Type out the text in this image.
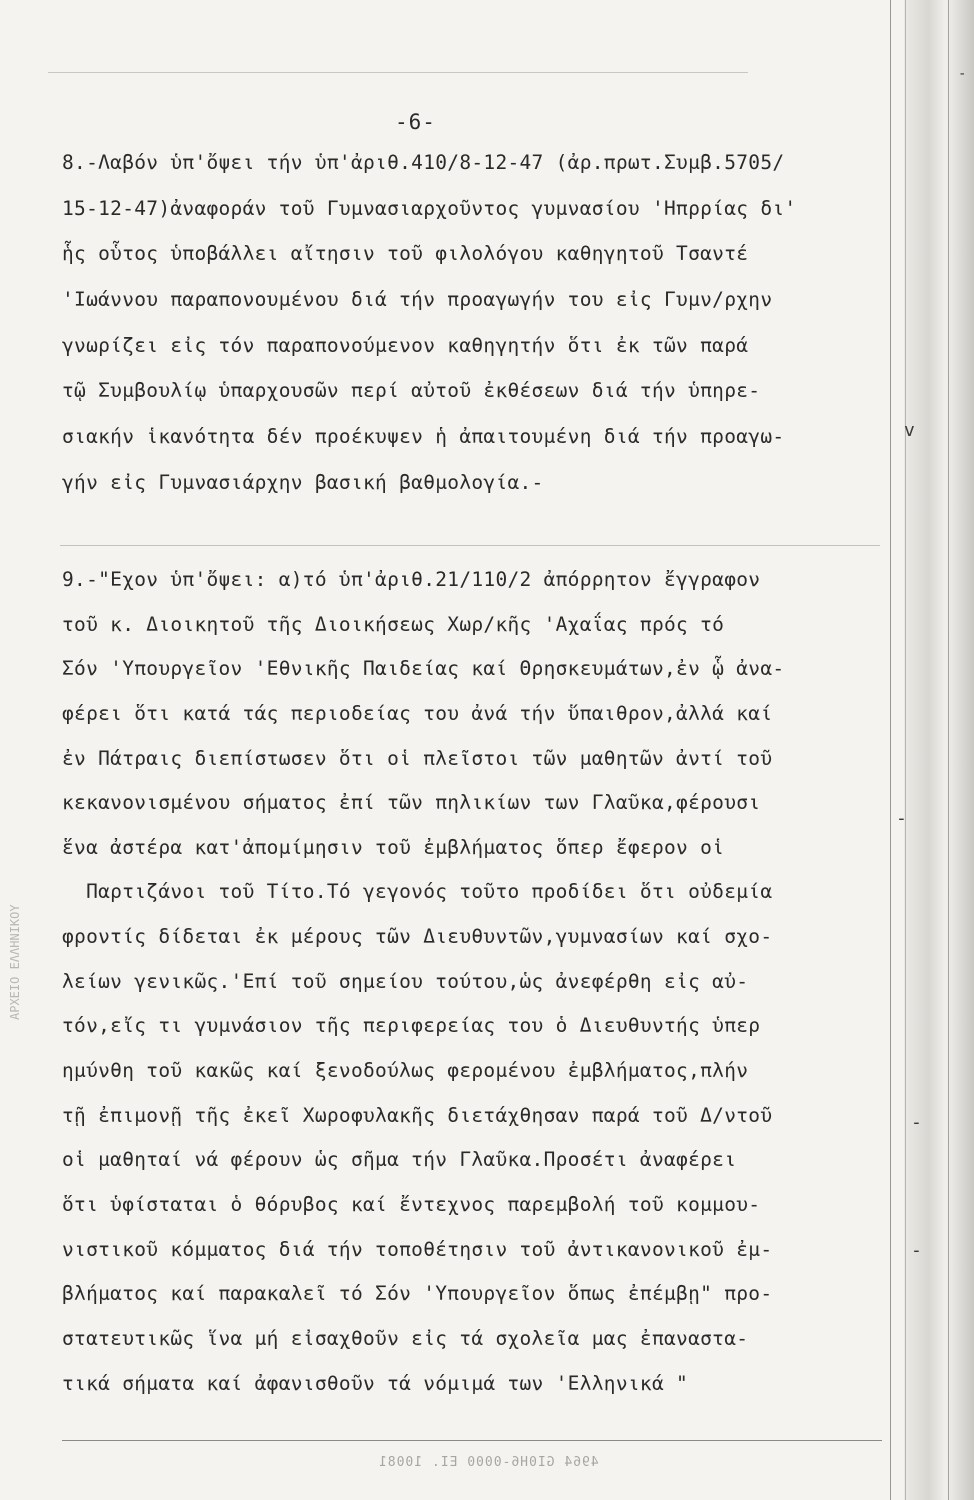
-6-
8.-Λαβόν ὑπ'ὄψει τήν ὑπ'ἀριθ.410/8-12-47 (ἀρ.πρωτ.Συμβ.5705/
15-12-47)ἀναφοράν τοῦ Γυμνασιαρχοῦντος γυμνασίου 'Ηπρρίας δι'
ἧς οὗτος ὑποβάλλει αἴτησιν τοῦ φιλολόγου καθηγητοῦ Τσαντέ
'Ιωάννου παραπονουμένου διά τήν προαγωγήν του εἰς Γυμν/ρχην
γνωρίζει εἰς τόν παραπονούμενον καθηγητήν ὅτι ἐκ τῶν παρά
τῷ Συμβουλίῳ ὑπαρχουσῶν περί αὐτοῦ ἐκθέσεων διά τήν ὑπηρε-
σιακήν ἱκανότητα δέν προέκυψεν ἡ ἀπαιτουμένη διά τήν προαγω-
γήν εἰς Γυμνασιάρχην βασική βαθμολογία.-
9.-"Εχον ὑπ'ὄψει: α)τό ὑπ'ἀριθ.21/110/2 ἀπόρρητον ἔγγραφον
τοῦ κ. Διοικητοῦ τῆς Διοικήσεως Χωρ/κῆς 'Αχαΐας πρός τό
Σόν 'Υπουργεῖον 'Εθνικῆς Παιδείας καί Θρησκευμάτων,ἐν ᾧ ἀνα-
φέρει ὅτι κατά τάς περιοδείας του ἀνά τήν ὕπαιθρον,ἀλλά καί
ἐν Πάτραις διεπίστωσεν ὅτι οἱ πλεῖστοι τῶν μαθητῶν ἀντί τοῦ
κεκανονισμένου σήματος ἐπί τῶν πηλικίων των Γλαῦκα,φέρουσι
ἕνα ἀστέρα κατ'ἀπομίμησιν τοῦ ἐμβλήματος ὅπερ ἔφερον οἱ
Παρτιζάνοι τοῦ Τίτο.Τό γεγονός τοῦτο προδίδει ὅτι οὐδεμία
φροντίς δίδεται ἐκ μέρους τῶν Διευθυντῶν,γυμνασίων καί σχο-
λείων γενικῶς.'Επί τοῦ σημείου τούτου,ὡς ἀνεφέρθη εἰς αὐ-
τόν,εἴς τι γυμνάσιον τῆς περιφερείας του ὁ Διευθυντής ὑπερ
ημύνθη τοῦ κακῶς καί ξενοδούλως φερομένου ἐμβλήματος,πλήν
τῇ ἐπιμονῇ τῆς ἐκεῖ Χωροφυλακῆς διετάχθησαν παρά τοῦ Δ/ντοῦ
οἱ μαθηταί νά φέρουν ὡς σῆμα τήν Γλαῦκα.Προσέτι ἀναφέρει
ὅτι ὑφίσταται ὁ θόρυβος καί ἔντεχνος παρεμβολή τοῦ κομμου-
νιστικοῦ κόμματος διά τήν τοποθέτησιν τοῦ ἀντικανονικοῦ ἐμ-
βλήματος καί παρακαλεῖ τό Σόν 'Υπουργεῖον ὅπως ἐπέμβῃ" προ-
στατευτικῶς ἵνα μή εἰσαχθοῦν εἰς τά σχολεῖα μας ἐπαναστα-
τικά σήματα καί ἀφανισθοῦν τά νόμιμά των 'Ελληνικά "
v
-
-
-
-
ΑΡΧΕΙΟ ΕΛΛΗΝΙΚΟΥ
4964 GI0H6-0000 EI. 10081
